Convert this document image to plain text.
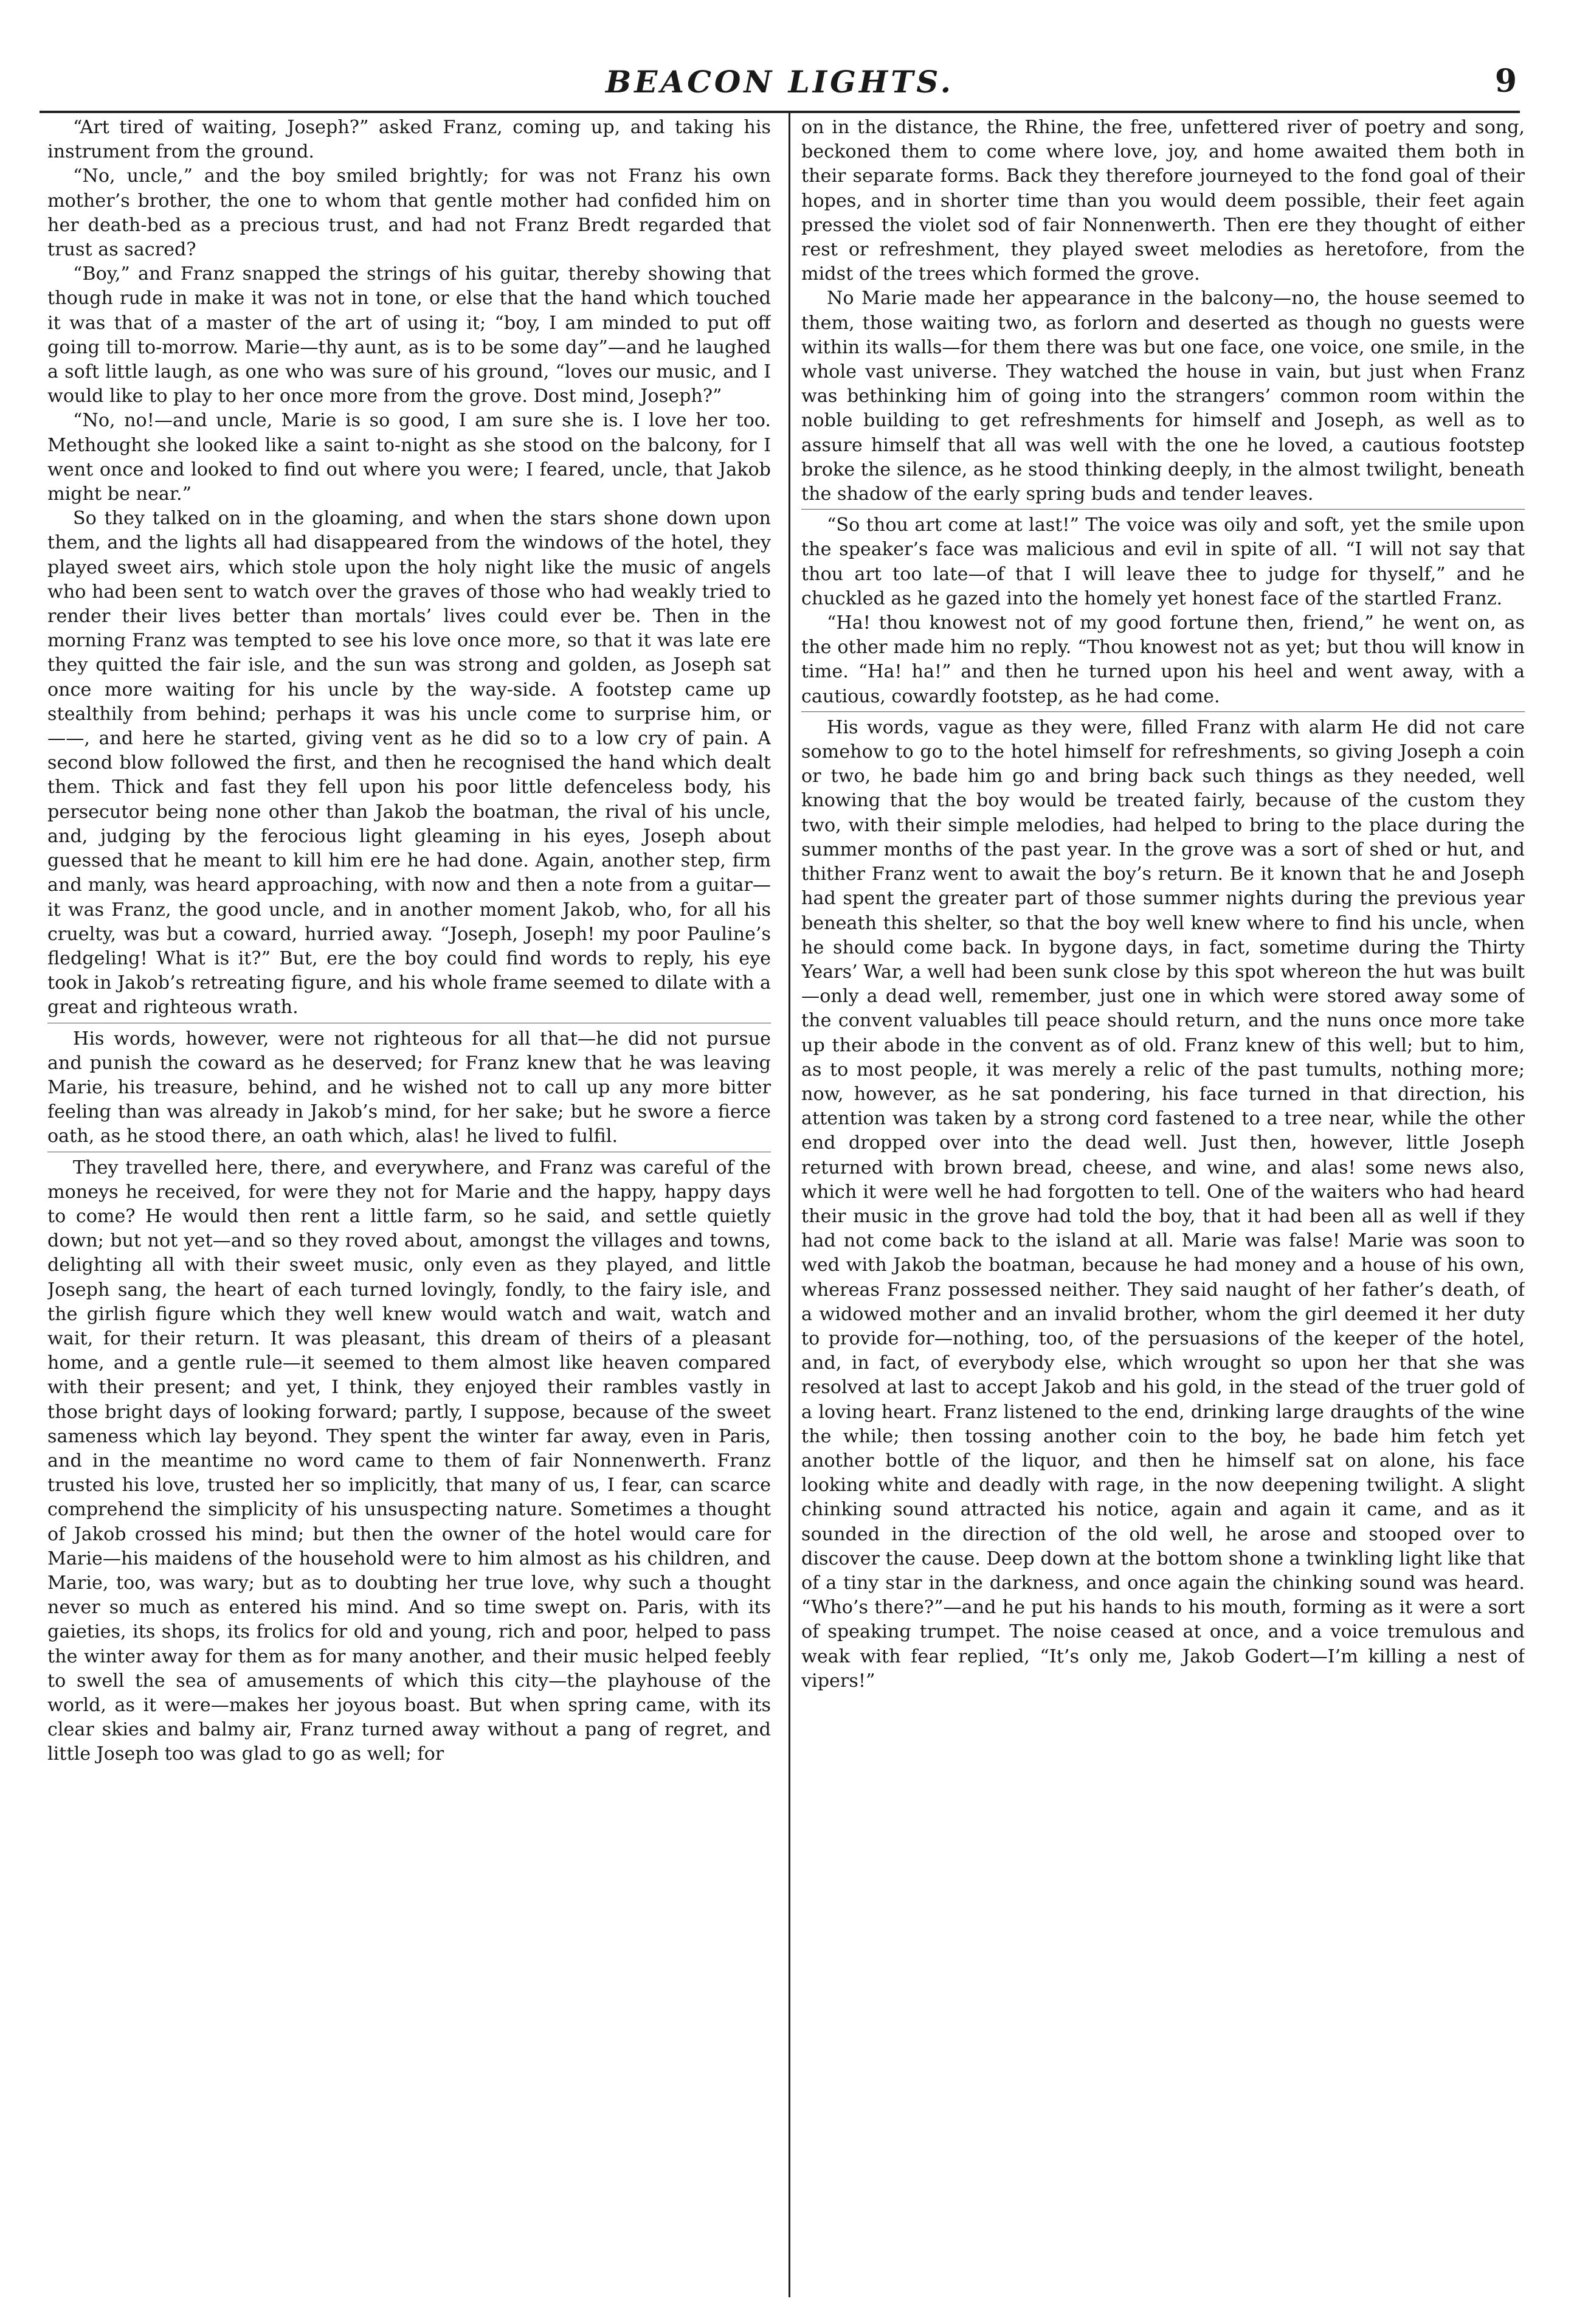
BEACON LIGHTS.	9

“Art tired of waiting, Joseph?” asked Franz, coming up, and taking his instrument from the ground.

“No, uncle,” and the boy smiled brightly; for was not Franz his own mother’s brother, the one to whom that gentle mother had confided him on her death-bed as a precious trust, and had not Franz Bredt regarded that trust as sacred?

“Boy,” and Franz snapped the strings of his guitar, thereby showing that though rude in make it was not in tone, or else that the hand which touched it was that of a master of the art of using it; “boy, I am minded to put off going till to-morrow. Marie—thy aunt, as is to be some day”—and he laughed a soft little laugh, as one who was sure of his ground, “loves our music, and I would like to play to her once more from the grove. Dost mind, Joseph?”

“No, no!—and uncle, Marie is so good, I am sure she is. I love her too. Methought she looked like a saint to-night as she stood on the balcony, for I went once and looked to find out where you were; I feared, uncle, that Jakob might be near.”

So they talked on in the gloaming, and when the stars shone down upon them, and the lights all had disappeared from the windows of the hotel, they played sweet airs, which stole upon the holy night like the music of angels who had been sent to watch over the graves of those who had weakly tried to render their lives better than mortals’ lives could ever be. Then in the morning Franz was tempted to see his love once more, so that it was late ere they quitted the fair isle, and the sun was strong and golden, as Joseph sat once more waiting for his uncle by the way-side. A footstep came up stealthily from behind; perhaps it was his uncle come to surprise him, or ——, and here he started, giving vent as he did so to a low cry of pain. A second blow followed the first, and then he recognised the hand which dealt them. Thick and fast they fell upon his poor little defenceless body, his persecutor being none other than Jakob the boatman, the rival of his uncle, and, judging by the ferocious light gleaming in his eyes, Joseph about guessed that he meant to kill him ere he had done. Again, another step, firm and manly, was heard approaching, with now and then a note from a guitar—it was Franz, the good uncle, and in another moment Jakob, who, for all his cruelty, was but a coward, hurried away. “Joseph, Joseph! my poor Pauline’s fledgeling! What is it?” But, ere the boy could find words to reply, his eye took in Jakob’s retreating figure, and his whole frame seemed to dilate with a great and righteous wrath.

His words, however, were not righteous for all that—he did not pursue and punish the coward as he deserved; for Franz knew that he was leaving Marie, his treasure, behind, and he wished not to call up any more bitter feeling than was already in Jakob’s mind, for her sake; but he swore a fierce oath, as he stood there, an oath which, alas! he lived to fulfil.

They travelled here, there, and everywhere, and Franz was careful of the moneys he received, for were they not for Marie and the happy, happy days to come? He would then rent a little farm, so he said, and settle quietly down; but not yet—and so they roved about, amongst the villages and towns, delighting all with their sweet music, only even as they played, and little Joseph sang, the heart of each turned lovingly, fondly, to the fairy isle, and the girlish figure which they well knew would watch and wait, watch and wait, for their return. It was pleasant, this dream of theirs of a pleasant home, and a gentle rule—it seemed to them almost like heaven compared with their present; and yet, I think, they enjoyed their rambles vastly in those bright days of looking forward; partly, I suppose, because of the sweet sameness which lay beyond. They spent the winter far away, even in Paris, and in the meantime no word came to them of fair Nonnenwerth. Franz trusted his love, trusted her so implicitly, that many of us, I fear, can scarce comprehend the simplicity of his unsuspecting nature. Sometimes a thought of Jakob crossed his mind; but then the owner of the hotel would care for Marie—his maidens of the household were to him almost as his children, and Marie, too, was wary; but as to doubting her true love, why such a thought never so much as entered his mind. And so time swept on. Paris, with its gaieties, its shops, its frolics for old and young, rich and poor, helped to pass the winter away for them as for many another, and their music helped feebly to swell the sea of amusements of which this city—the playhouse of the world, as it were—makes her joyous boast. But when spring came, with its clear skies and balmy air, Franz turned away without a pang of regret, and little Joseph too was glad to go as well; for

on in the distance, the Rhine, the free, unfettered river of poetry and song, beckoned them to come where love, joy, and home awaited them both in their separate forms. Back they therefore journeyed to the fond goal of their hopes, and in shorter time than you would deem possible, their feet again pressed the violet sod of fair Nonnenwerth. Then ere they thought of either rest or refreshment, they played sweet melodies as heretofore, from the midst of the trees which formed the grove.

No Marie made her appearance in the balcony—no, the house seemed to them, those waiting two, as forlorn and deserted as though no guests were within its walls—for them there was but one face, one voice, one smile, in the whole vast universe. They watched the house in vain, but just when Franz was bethinking him of going into the strangers’ common room within the noble building to get refreshments for himself and Joseph, as well as to assure himself that all was well with the one he loved, a cautious footstep broke the silence, as he stood thinking deeply, in the almost twilight, beneath the shadow of the early spring buds and tender leaves.

“So thou art come at last!” The voice was oily and soft, yet the smile upon the speaker’s face was malicious and evil in spite of all. “I will not say that thou art too late—of that I will leave thee to judge for thyself,” and he chuckled as he gazed into the homely yet honest face of the startled Franz.

“Ha! thou knowest not of my good fortune then, friend,” he went on, as the other made him no reply. “Thou knowest not as yet; but thou will know in time. “Ha! ha!” and then he turned upon his heel and went away, with a cautious, cowardly footstep, as he had come.

His words, vague as they were, filled Franz with alarm He did not care somehow to go to the hotel himself for refreshments, so giving Joseph a coin or two, he bade him go and bring back such things as they needed, well knowing that the boy would be treated fairly, because of the custom they two, with their simple melodies, had helped to bring to the place during the summer months of the past year. In the grove was a sort of shed or hut, and thither Franz went to await the boy’s return. Be it known that he and Joseph had spent the greater part of those summer nights during the previous year beneath this shelter, so that the boy well knew where to find his uncle, when he should come back. In bygone days, in fact, sometime during the Thirty Years’ War, a well had been sunk close by this spot whereon the hut was built—only a dead well, remember, just one in which were stored away some of the convent valuables till peace should return, and the nuns once more take up their abode in the convent as of old. Franz knew of this well; but to him, as to most people, it was merely a relic of the past tumults, nothing more; now, however, as he sat pondering, his face turned in that direction, his attention was taken by a strong cord fastened to a tree near, while the other end dropped over into the dead well. Just then, however, little Joseph returned with brown bread, cheese, and wine, and alas! some news also, which it were well he had forgotten to tell. One of the waiters who had heard their music in the grove had told the boy, that it had been all as well if they had not come back to the island at all. Marie was false! Marie was soon to wed with Jakob the boatman, because he had money and a house of his own, whereas Franz possessed neither. They said naught of her father’s death, of a widowed mother and an invalid brother, whom the girl deemed it her duty to provide for—nothing, too, of the persuasions of the keeper of the hotel, and, in fact, of everybody else, which wrought so upon her that she was resolved at last to accept Jakob and his gold, in the stead of the truer gold of a loving heart. Franz listened to the end, drinking large draughts of the wine the while; then tossing another coin to the boy, he bade him fetch yet another bottle of the liquor, and then he himself sat on alone, his face looking white and deadly with rage, in the now deepening twilight. A slight chinking sound attracted his notice, again and again it came, and as it sounded in the direction of the old well, he arose and stooped over to discover the cause. Deep down at the bottom shone a twinkling light like that of a tiny star in the darkness, and once again the chinking sound was heard. “Who’s there?”—and he put his hands to his mouth, forming as it were a sort of speaking trumpet. The noise ceased at once, and a voice tremulous and weak with fear replied, “It’s only me, Jakob Godert—I’m killing a nest of vipers!”
